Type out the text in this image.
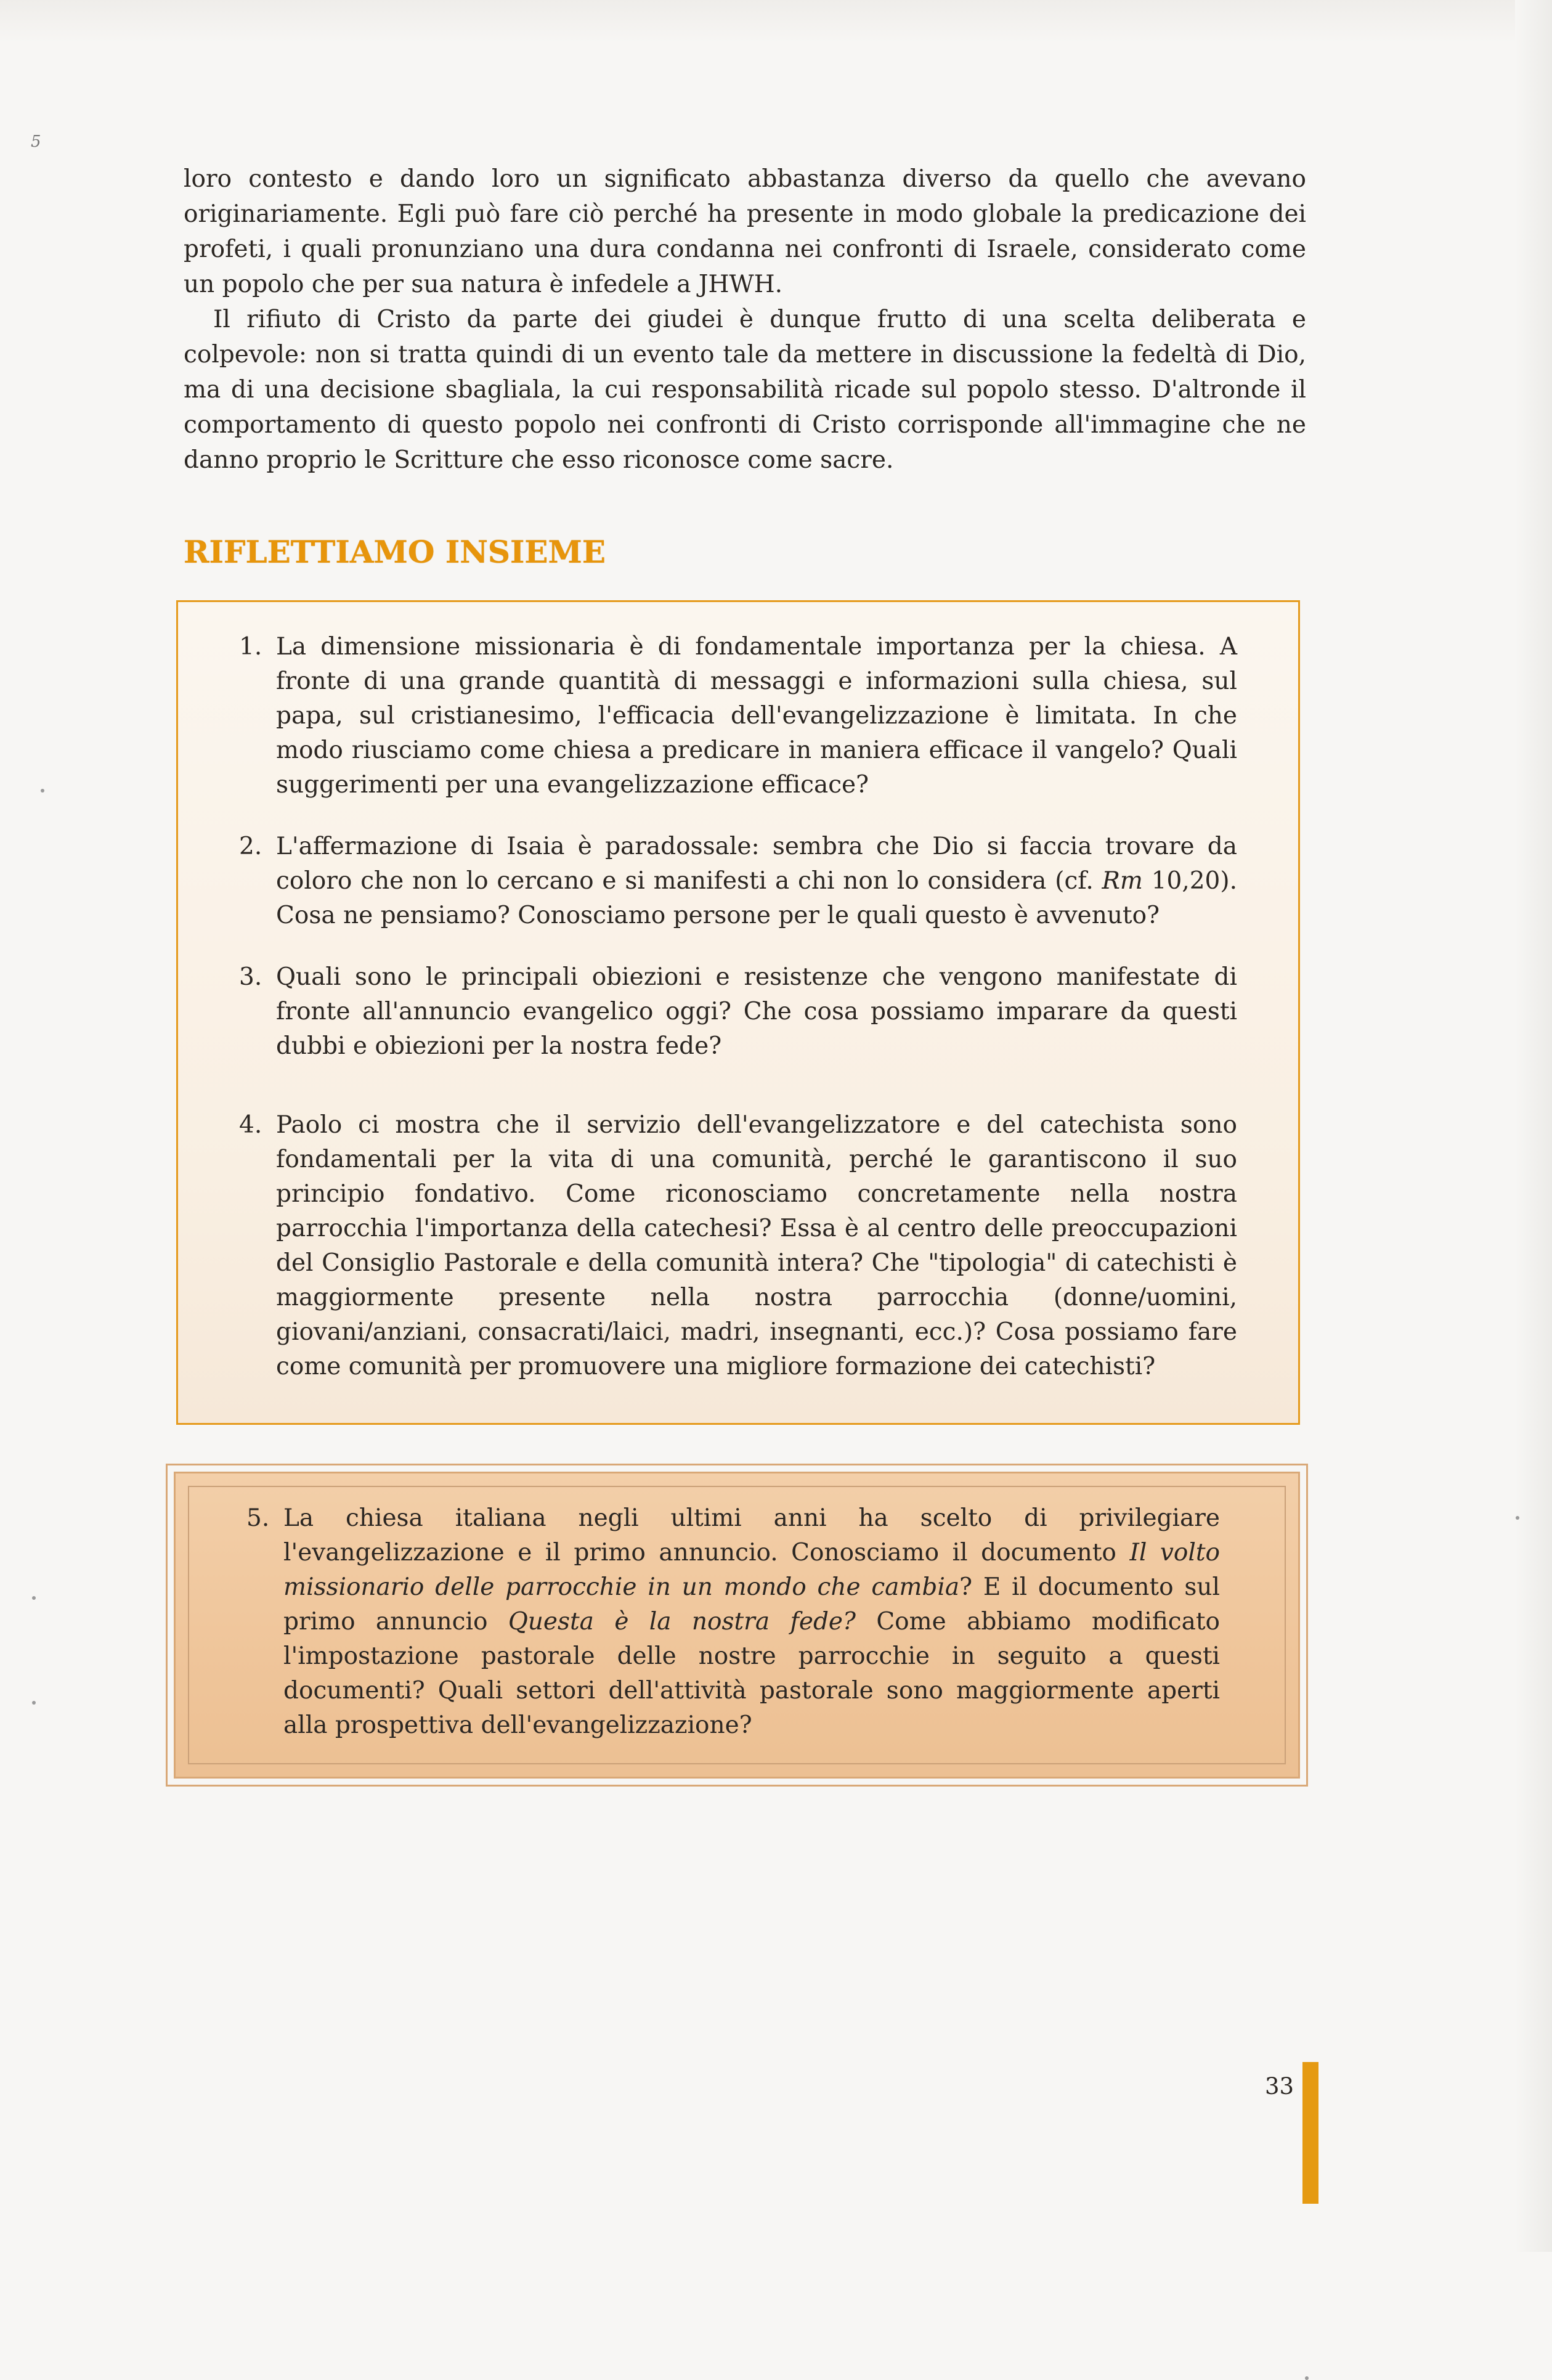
5

loro contesto e dando loro un significato abbastanza diverso da quello che avevano originariamente. Egli può fare ciò perché ha presente in modo globale la predicazione dei profeti, i quali pronunziano una dura condanna nei confronti di Israele, considerato come un popolo che per sua natura è infedele a JHWH.

Il rifiuto di Cristo da parte dei giudei è dunque frutto di una scelta deliberata e colpevole: non si tratta quindi di un evento tale da mettere in discussione la fedeltà di Dio, ma di una decisione sbagliala, la cui responsabilità ricade sul popolo stesso. D'altronde il comportamento di questo popolo nei confronti di Cristo corrisponde all'immagine che ne danno proprio le Scritture che esso riconosce come sacre.

RIFLETTIAMO INSIEME
1. La dimensione missionaria è di fondamentale importanza per la chiesa. A fronte di una grande quantità di messaggi e informazioni sulla chiesa, sul papa, sul cristianesimo, l'efficacia dell'evangelizzazione è limitata. In che modo riusciamo come chiesa a predicare in maniera efficace il vangelo? Quali suggerimenti per una evangelizzazione efficace?
2. L'affermazione di Isaia è paradossale: sembra che Dio si faccia trovare da coloro che non lo cercano e si manifesti a chi non lo considera (cf. Rm 10,20). Cosa ne pensiamo? Conosciamo persone per le quali questo è avvenuto?
3. Quali sono le principali obiezioni e resistenze che vengono manifestate di fronte all'annuncio evangelico oggi? Che cosa possiamo imparare da questi dubbi e obiezioni per la nostra fede?
4. Paolo ci mostra che il servizio dell'evangelizzatore e del catechista sono fondamentali per la vita di una comunità, perché le garantiscono il suo principio fondativo. Come riconosciamo concretamente nella nostra parrocchia l'importanza della catechesi? Essa è al centro delle preoccupazioni del Consiglio Pastorale e della comunità intera? Che "tipologia" di catechisti è maggiormente presente nella nostra parrocchia (donne/uomini, giovani/anziani, consacrati/laici, madri, insegnanti, ecc.)? Cosa possiamo fare come comunità per promuovere una migliore formazione dei catechisti?
5. La chiesa italiana negli ultimi anni ha scelto di privilegiare l'evangelizzazione e il primo annuncio. Conosciamo il documento Il volto missionario delle parrocchie in un mondo che cambia? E il documento sul primo annuncio Questa è la nostra fede? Come abbiamo modificato l'impostazione pastorale delle nostre parrocchie in seguito a questi documenti? Quali settori dell'attività pastorale sono maggiormente aperti alla prospettiva dell'evangelizzazione?
33
